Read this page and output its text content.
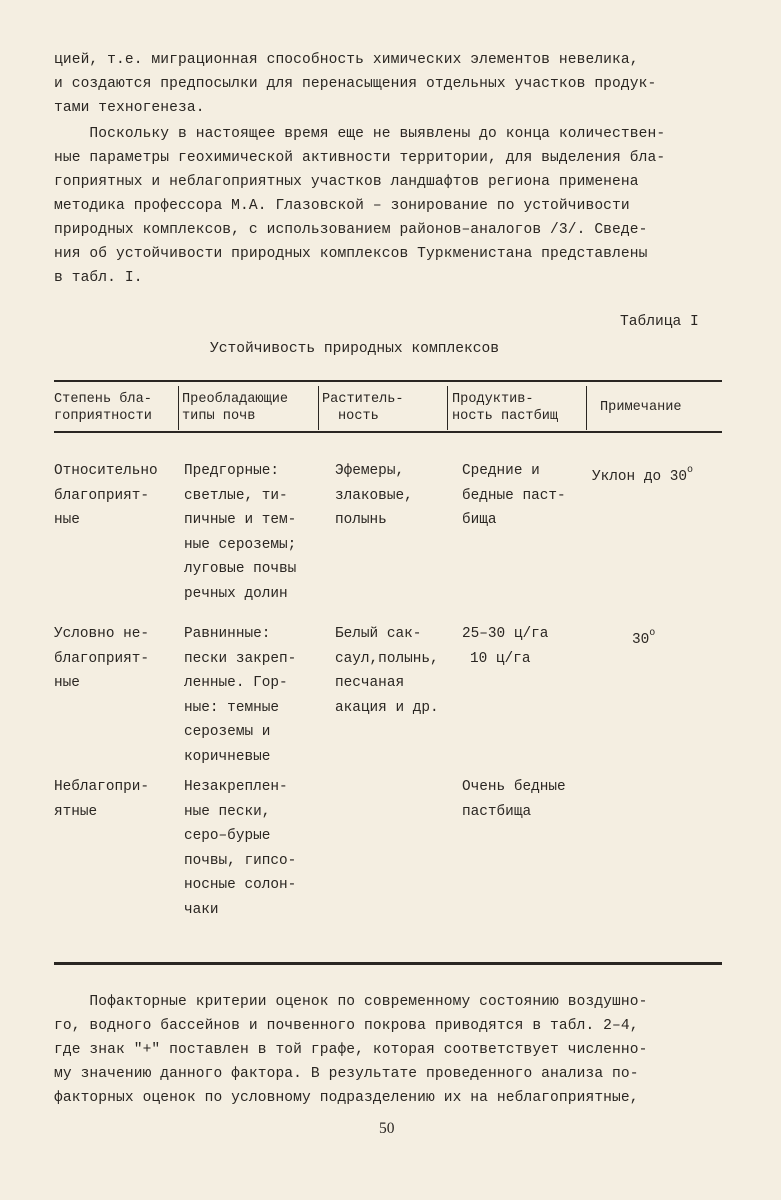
цией, т.е. миграционная способность химических элементов невелика,
и создаются предпосылки для перенасыщения отдельных участков продук-
тами техногенеза.
Поскольку в настоящее время еще не выявлены до конца количествен-
ные параметры геохимической активности территории, для выделения бла-
гоприятных и неблагоприятных участков ландшафтов региона применена
методика профессора М.А. Глазовской – зонирование по устойчивости
природных комплексов, с использованием районов–аналогов /3/. Сведе-
ния об устойчивости природных комплексов Туркменистана представлены
в табл. I.
Таблица I
Устойчивость природных комплексов
Степень бла-
гоприятности
Преобладающие
типы почв
Раститель-
ность
Продуктив-
ность пастбищ
Примечание
Относительно
благоприят-
ные
Предгорные:
светлые, ти-
пичные и тем-
ные сероземы;
луговые почвы
речных долин
Эфемеры,
злаковые,
полынь
Средние и
бедные паст-
бища
Уклон до 30$^o$
Условно не-
благоприят-
ные
Равнинные:
пески закреп-
ленные. Гор-
ные: темные
сероземы и
коричневые
Белый сак-
саул,полынь,
песчаная
акация и др.
25–30 ц/га
10 ц/га
30$^o$
Неблагопри-
ятные
Незакреплен-
ные пески,
серо–бурые
почвы, гипсо-
носные солон-
чаки
Очень бедные
пастбища
Пофакторные критерии оценок по современному состоянию воздушно-
го, водного бассейнов и почвенного покрова приводятся в табл. 2–4,
где знак "+" поставлен в той графе, которая соответствует численно-
му значению данного фактора. В результате проведенного анализа по-
факторных оценок по условному подразделению их на неблагоприятные,
50
